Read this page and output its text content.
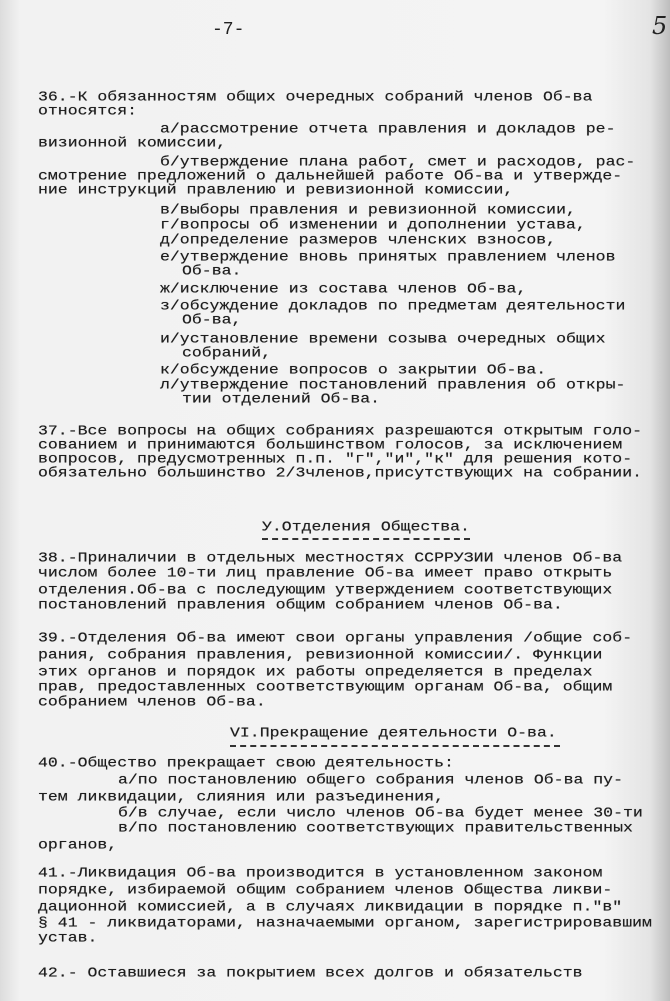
-7-	5
36.-К обязанностям общих очередных собраний членов Об-ва
относятся:
а/рассмотрение отчета правления и докладов ре-
визионной комиссии,
б/утверждение плана работ, смет и расходов, рас-
смотрение предложений о дальнейшей работе Об-ва и утвержде-
ние инструкций правлению и ревизионной комиссии,
в/выборы правления и ревизионной комиссии,
г/вопросы об изменении и дополнении устава,
д/определение размеров членских взносов,
е/утверждение вновь принятых правлением членов
Об-ва.
ж/исключение из состава членов Об-ва,
з/обсуждение докладов по предметам деятельности
Об-ва,
и/установление времени созыва очередных общих
собраний,
к/обсуждение вопросов о закрытии Об-ва.
л/утверждение постановлений правления об откры-
тии отделений Об-ва.
37.-Все вопросы на общих собраниях разрешаются открытым голо-
сованием и принимаются большинством голосов, за исключением
вопросов, предусмотренных п.п. "г","и","к" для решения кото-
обязательно большинство 2/3членов,присутствующих на собрании.
У.Отделения Общества.
38.-Приналичии в отдельных местностях ССРРУЗИИ членов Об-ва
числом более 10-ти лиц правление Об-ва имеет право открыть
отделения.Об-ва с последующим утверждением соответствующих
постановлений правления общим собранием членов Об-ва.
39.-Отделения Об-ва имеют свои органы управления /общие соб-
рания, собрания правления, ревизионной комиссии/. Функции
этих органов и порядок их работы определяется в пределах
прав, предоставленных соответствующим органам Об-ва, общим
собранием членов Об-ва.
VI.Прекращение деятельности О-ва.
40.-Общество прекращает свою деятельность:
а/по постановлению общего собрания членов Об-ва пу-
тем ликвидации, слияния или разъединения,
б/в случае, если число членов Об-ва будет менее 30-ти
в/по постановлению соответствующих правительственных
органов,
41.-Ликвидация Об-ва производится в установленном законом
порядке, избираемой общим собранием членов Общества ликви-
дационной комиссией, а в случаях ликвидации в порядке п."в"
§ 41 - ликвидаторами, назначаемыми органом, зарегистрировавшим
устав.
42.- Оставшиеся за покрытием всех долгов и обязательств
